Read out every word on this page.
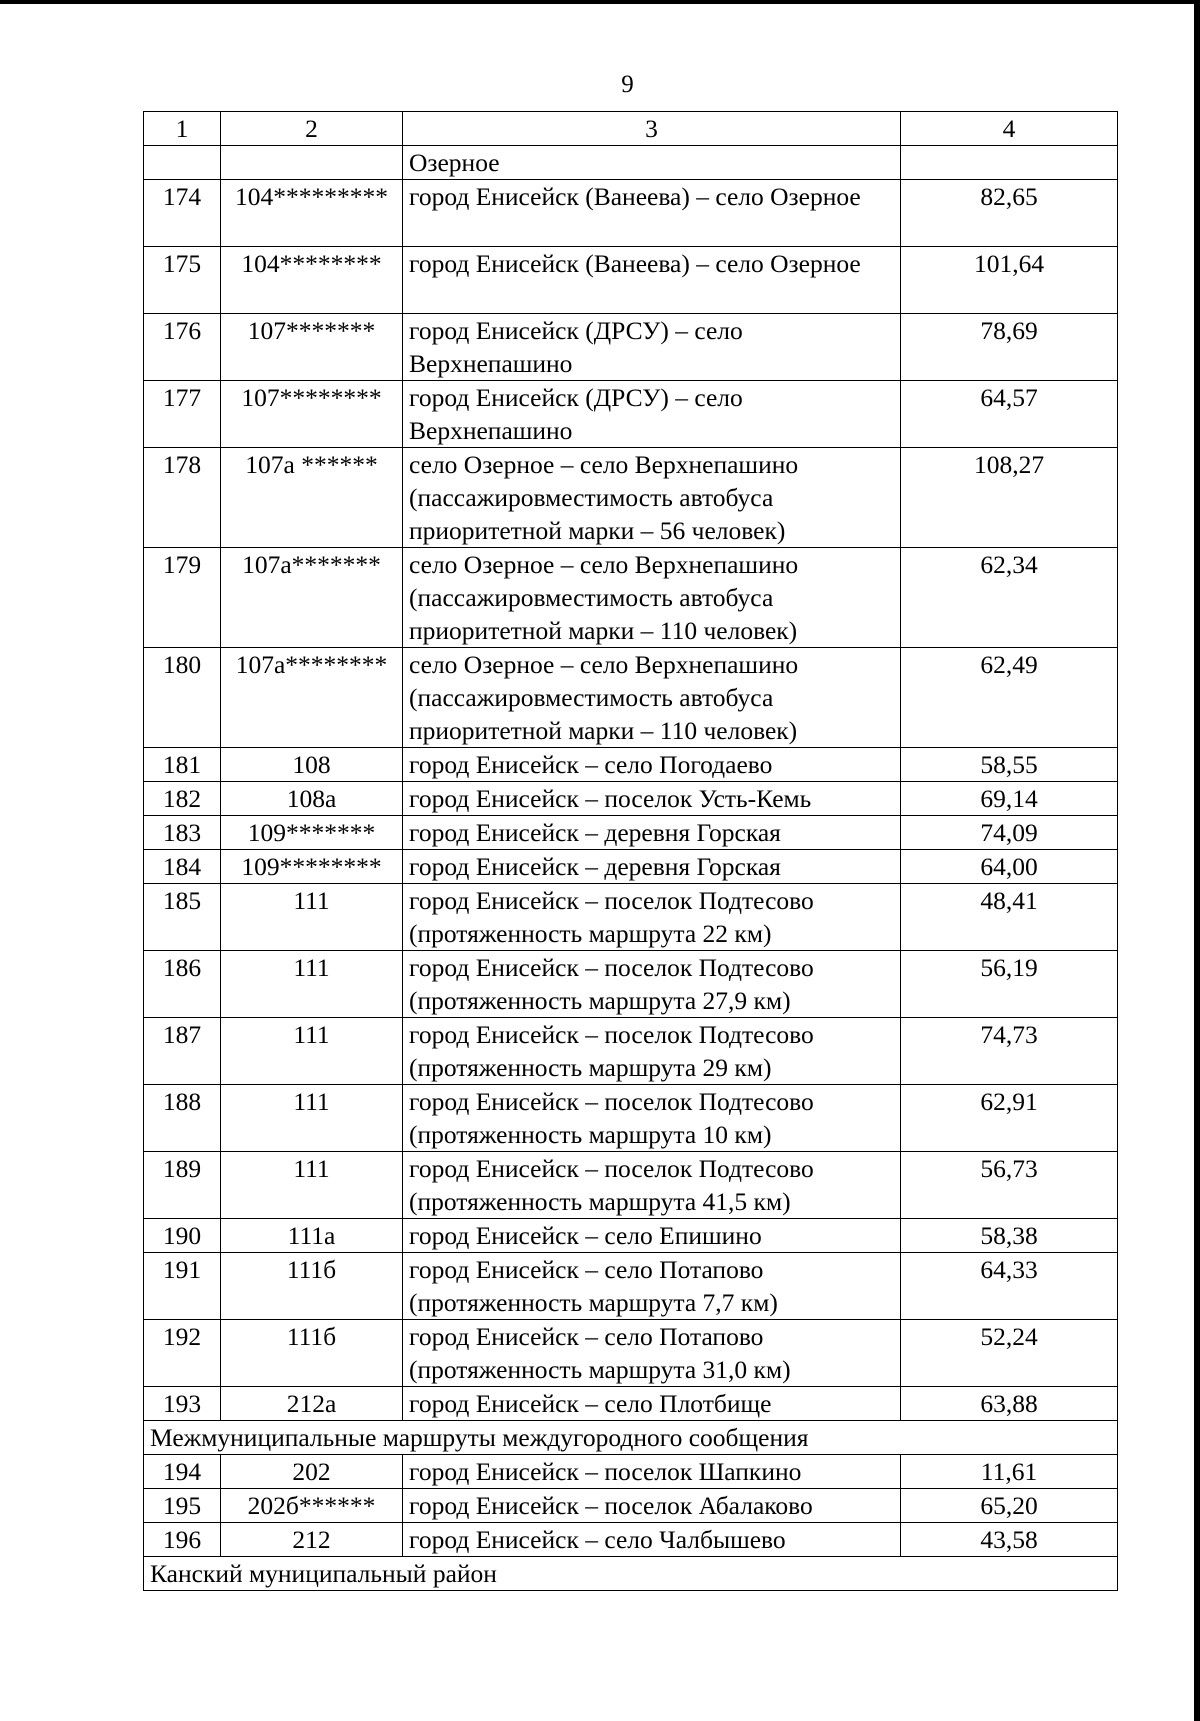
9
1	2	3	4
		Озерное	
174	104*********	город Енисейск (Ванеева) – село Озерное	82,65
175	104********	город Енисейск (Ванеева) – село Озерное	101,64
176	107*******	город Енисейск (ДРСУ) – село Верхнепашино	78,69
177	107********	город Енисейск (ДРСУ) – село Верхнепашино	64,57
178	107а ******	село Озерное – село Верхнепашино (пассажировместимость автобуса приоритетной марки – 56 человек)	108,27
179	107а*******	село Озерное – село Верхнепашино (пассажировместимость автобуса приоритетной марки – 110 человек)	62,34
180	107а********	село Озерное – село Верхнепашино (пассажировместимость автобуса приоритетной марки – 110 человек)	62,49
181	108	город Енисейск – село Погодаево	58,55
182	108а	город Енисейск – поселок Усть-Кемь	69,14
183	109*******	город Енисейск – деревня Горская	74,09
184	109********	город Енисейск – деревня Горская	64,00
185	111	город Енисейск – поселок Подтесово (протяженность маршрута 22 км)	48,41
186	111	город Енисейск – поселок Подтесово (протяженность маршрута 27,9 км)	56,19
187	111	город Енисейск – поселок Подтесово (протяженность маршрута 29 км)	74,73
188	111	город Енисейск – поселок Подтесово (протяженность маршрута 10 км)	62,91
189	111	город Енисейск – поселок Подтесово (протяженность маршрута 41,5 км)	56,73
190	111а	город Енисейск – село Епишино	58,38
191	111б	город Енисейск – село Потапово (протяженность маршрута 7,7 км)	64,33
192	111б	город Енисейск – село Потапово (протяженность маршрута 31,0 км)	52,24
193	212а	город Енисейск – село Плотбище	63,88
Межмуниципальные маршруты междугородного сообщения			
194	202	город Енисейск – поселок Шапкино	11,61
195	202б******	город Енисейск – поселок Абалаково	65,20
196	212	город Енисейск – село Чалбышево	43,58
Канский муниципальный район			
